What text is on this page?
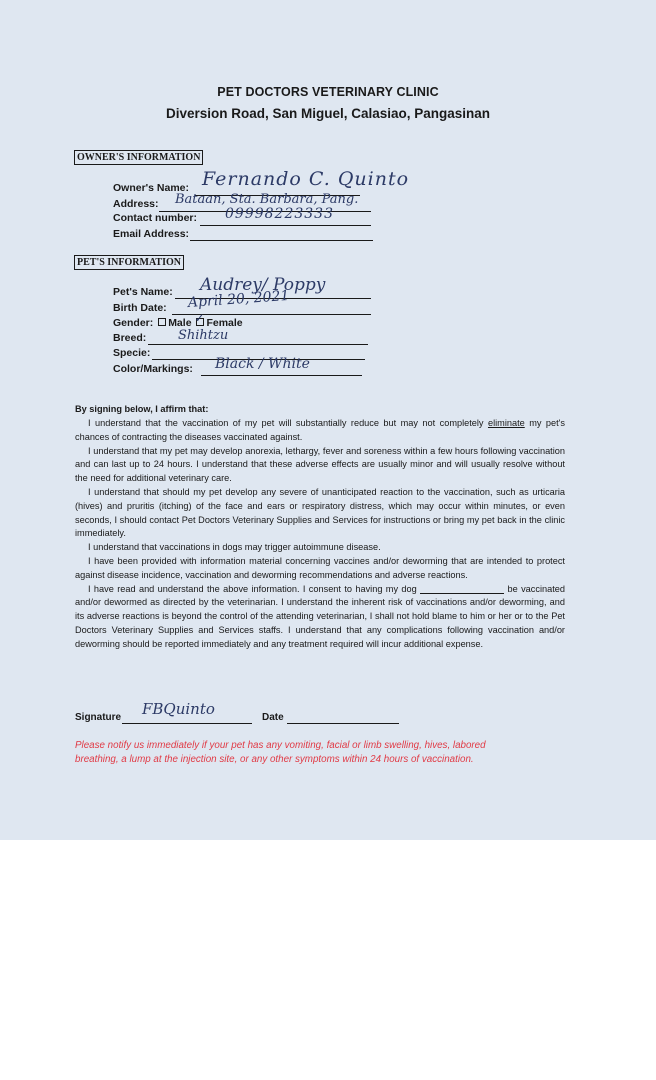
PET DOCTORS VETERINARY CLINIC
Diversion Road, San Miguel, Calasiao, Pangasinan
OWNER'S INFORMATION
Owner's Name: Fernando C. Quinto
Address: Bataan, Sta. Barbara, Pang.
Contact number: 09998223333
Email Address:
PET'S INFORMATION
Pet's Name: Audrey/ Poppy
Birth Date: April 20, 2021
Gender: Male ✓ Female
Breed: Shihtzu
Specie:
Color/Markings: Black / White
By signing below, I affirm that:

I understand that the vaccination of my pet will substantially reduce but may not completely eliminate my pet's chances of contracting the diseases vaccinated against.

I understand that my pet may develop anorexia, lethargy, fever and soreness within a few hours following vaccination and can last up to 24 hours. I understand that these adverse effects are usually minor and will usually resolve without the need for additional veterinary care.

I understand that should my pet develop any severe of unanticipated reaction to the vaccination, such as urticaria (hives) and pruritis (itching) of the face and ears or respiratory distress, which may occur within minutes, or even seconds, I should contact Pet Doctors Veterinary Supplies and Services for instructions or bring my pet back in the clinic immediately.

I understand that vaccinations in dogs may trigger autoimmune disease.

I have been provided with information material concerning vaccines and/or deworming that are intended to protect against disease incidence, vaccination and deworming recommendations and adverse reactions.

I have read and understand the above information. I consent to having my dog	be vaccinated and/or dewormed as directed by the veterinarian. I understand the inherent risk of vaccinations and/or deworming, and its adverse reactions is beyond the control of the attending veterinarian, I shall not hold blame to him or her or to the Pet Doctors Veterinary Supplies and Services staffs. I understand that any complications following vaccination and/or deworming should be reported immediately and any treatment required will incur additional expense.

Signature FBQuinto	Date
Please notify us immediately if your pet has any vomiting, facial or limb swelling, hives, labored breathing, a lump at the injection site, or any other symptoms within 24 hours of vaccination.
